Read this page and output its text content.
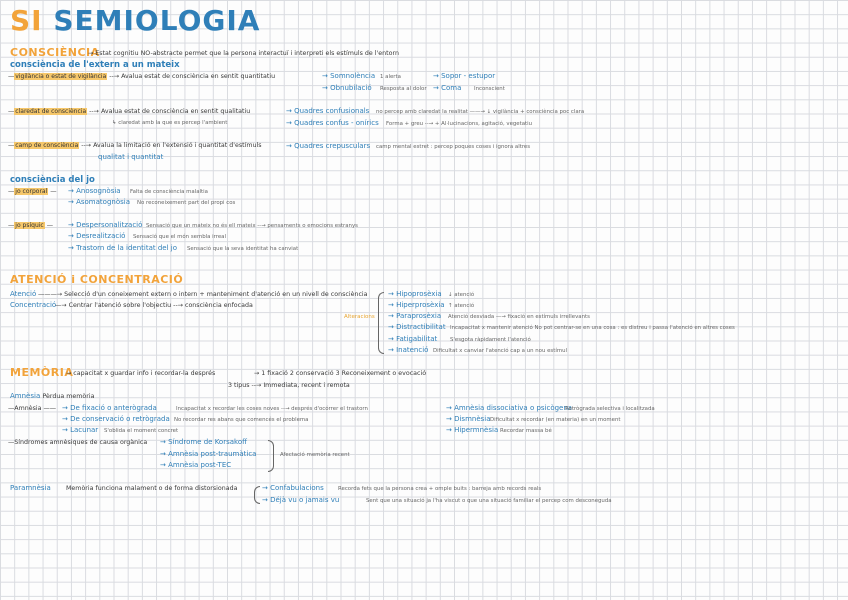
SI SEMIOLOGIA
CONSCIÈNCIA
→ Estat cognitiu NO-abstracte permet que la persona interactuï i interpreti els estímuls de l'entorn
consciència de l'extern a un mateix
—vigilància o estat de vigilància --→ Avalua estat de consciència en sentit quantitatiu	→ Somnolència 1 alerta
→ Obnubilació Resposta al dolor
→ Sopor - estupor
→ Coma Inconscient
—claredat de consciència --→ Avalua estat de consciència en sentit qualitatiu
↳ claredat amb la que es percep l'ambient
→ Quadres confusionals no percep amb claredat la realitat ——→ ↓ vigilància + consciència poc clara
→ Quadres confus - onírics Forma + greu --→ + Al·lucinacions, agitació, vegetatiu
—camp de consciència --→ Avalua la limitació en l'extensió i quantitat d'estímuls
qualitat i quantitat
→ Quadres crepusculars camp mental estret : percep poques coses i ignora altres
consciència del jo
—jo corporal — → Anosognòsia Falta de consciència malaltia
→ Asomatognòsia No reconeixement part del propi cos
—jo psíquic — → Despersonalització Sensació que un mateix no és ell mateix --→ pensaments o emocions estranys
→ Desrealització Sensació que el món sembla irreal
→ Trastorn de la identitat del jo Sensació que la seva identitat ha canviat
ATENCIÓ i CONCENTRACIÓ
Atenció ———→ Selecció d'un coneixement extern o intern + manteniment d'atenció en un nivell de consciència
Concentració
—→ Centrar l'atenció sobre l'objectiu --→ consciència enfocada
Alteracions
→ Hipoprosèxia ↓ atenció
→ Hiperprosèxia ↑ atenció
→ Paraprosèxia Atenció desviada —→ fixació en estímuls irrellevants
→ Distractibilitat Incapacitat x mantenir atenció No pot centrar-se en una cosa : es distreu i passa l'atenció en altres coses
→ Fatigabilitat S'esgota ràpidament l'atenció
→ Inatenció Dificultat x canviar l'atenció cap a un nou estímul
MEMÒRIA
→ capacitat x guardar info i recordar-la després	→ 1 fixació 2 conservació 3 Reconeixement o evocació
3 tipus --→ Immediata, recent i remota
Amnèsia Pèrdua memòria
—Amnèsia —— → De fixació o anterògrada	Incapacitat x recordar les coses noves --→ després d'ocórrer el trastorn
→ De conservació o retrògrada No recordar res abans que comencés el problema
→ Lacunar S'oblida el moment concret
→ Amnèsia dissociativa o psicògena
Retrògrada selectiva i localitzada
→ Dismnèsia Dificultat x recordar (en materia) en un moment
→ Hipermnèsia Recordar massa bé
—Síndromes amnèsiques de causa orgànica → Síndrome de Korsakoff
→ Amnèsia post-traumàtica
→ Amnèsia post-TEC
Afectació memòria recent
Paramnèsia Memòria funciona malament o de forma distorsionada	→ Confabulacions	Recorda fets que la persona crea + omple buits : barreja amb records reals
→ Déjà vu o jamais vu	Sent que una situació ja l'ha viscut o que una situació familiar el percep com desconeguda
